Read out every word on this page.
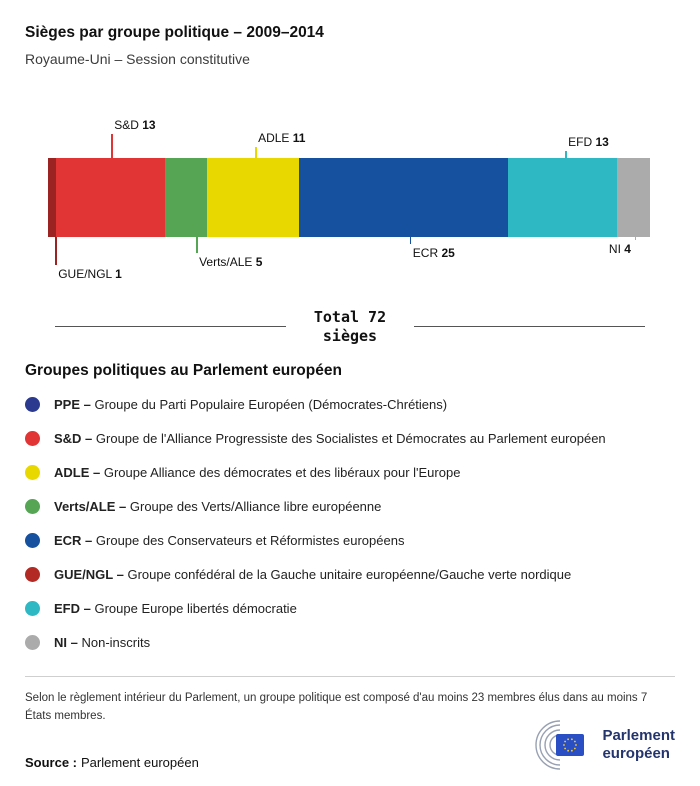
Sièges par groupe politique – 2009–2014
Royaume-Uni – Session constitutive
GUE/NGL 1
S&D 13
Verts/ALE 5
ADLE 11
ECR 25
EFD 13
NI 4
Total 72
sièges
Groupes politiques au Parlement européen
PPE – Groupe du Parti Populaire Européen (Démocrates-Chrétiens)
S&D – Groupe de l'Alliance Progressiste des Socialistes et Démocrates au Parlement européen
ADLE – Groupe Alliance des démocrates et des libéraux pour l'Europe
Verts/ALE – Groupe des Verts/Alliance libre européenne
ECR – Groupe des Conservateurs et Réformistes européens
GUE/NGL – Groupe confédéral de la Gauche unitaire européenne/Gauche verte nordique
EFD – Groupe Europe libertés démocratie
NI – Non-inscrits
Selon le règlement intérieur du Parlement, un groupe politique est composé d'au moins 23 membres élus dans au moins 7 États membres.
Source : Parlement européen
Parlement
européen
